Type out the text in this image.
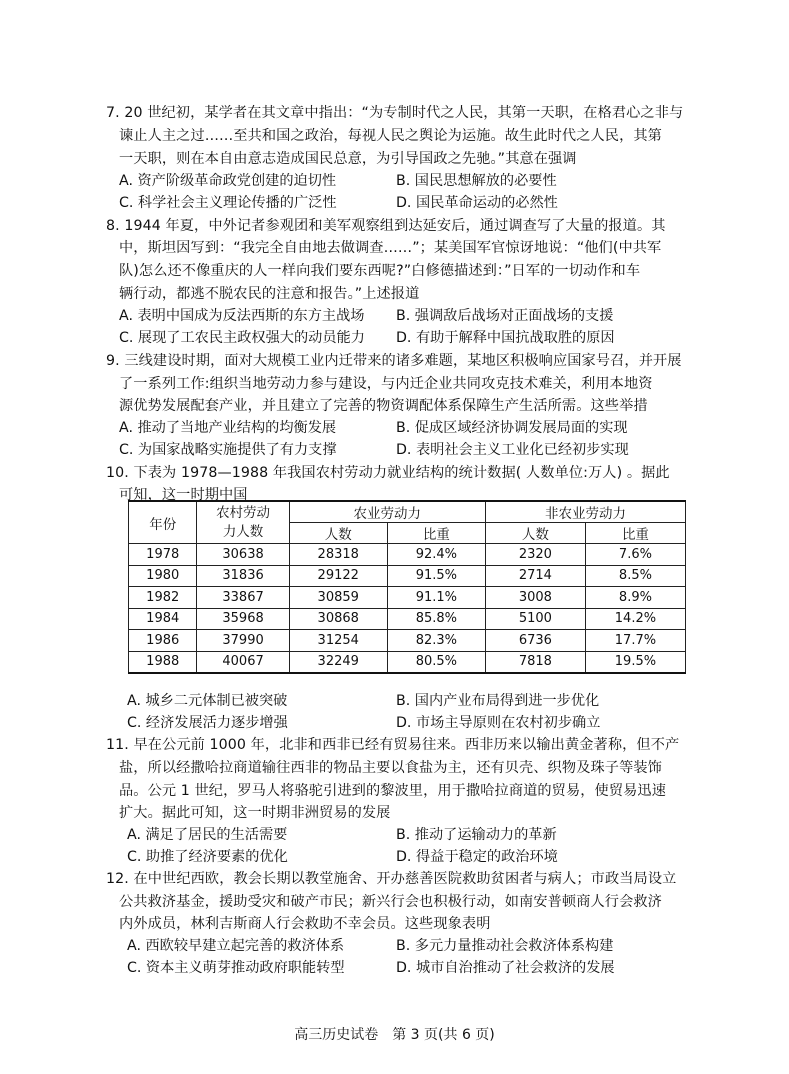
7. 20 世纪初，某学者在其文章中指出：“为专制时代之人民，其第一天职，在格君心之非与
谏止人主之过……至共和国之政治，每视人民之舆论为运施。故生此时代之人民，其第
一天职，则在本自由意志造成国民总意，为引导国政之先驰。”其意在强调
A. 资产阶级革命政党创建的迫切性	B. 国民思想解放的必要性
C. 科学社会主义理论传播的广泛性	D. 国民革命运动的必然性
8. 1944 年夏，中外记者参观团和美军观察组到达延安后，通过调查写了大量的报道。其
中，斯坦因写到：“我完全自由地去做调查……”；某美国军官惊讶地说：“他们(中共军
队)怎么还不像重庆的人一样向我们要东西呢?”白修德描述到：”日军的一切动作和车
辆行动，都逃不脱农民的注意和报告。”上述报道
A. 表明中国成为反法西斯的东方主战场 B. 强调敌后战场对正面战场的支援
C. 展现了工农民主政权强大的动员能力 D. 有助于解释中国抗战取胜的原因
9. 三线建设时期，面对大规模工业内迁带来的诸多难题，某地区积极响应国家号召，并开展
了一系列工作:组织当地劳动力参与建设，与内迁企业共同攻克技术难关，利用本地资
源优势发展配套产业，并且建立了完善的物资调配体系保障生产生活所需。这些举措
A. 推动了当地产业结构的均衡发展	B. 促成区域经济协调发展局面的实现
C. 为国家战略实施提供了有力支撑	D. 表明社会主义工业化已经初步实现
10. 下表为 1978—1988 年我国农村劳动力就业结构的统计数据( 人数单位:万人) 。据此
可知，这一时期中国
年份	农村劳动
力人数	农业劳动力		非农业劳动力	
		人数	比重	人数	比重
1978	30638	28318	92.4%	2320	7.6%
1980	31836	29122	91.5%	2714	8.5%
1982	33867	30859	91.1%	3008	8.9%
1984	35968	30868	85.8%	5100	14.2%
1986	37990	31254	82.3%	6736	17.7%
1988	40067	32249	80.5%	7818	19.5%
A. 城乡二元体制已被突破	B. 国内产业布局得到进一步优化
C. 经济发展活力逐步增强	D. 市场主导原则在农村初步确立
11. 早在公元前 1000 年，北非和西非已经有贸易往来。西非历来以输出黄金著称，但不产
盐，所以经撒哈拉商道输往西非的物品主要以食盐为主，还有贝壳、织物及珠子等装饰
品。公元 1 世纪，罗马人将骆驼引进到的黎波里，用于撒哈拉商道的贸易，使贸易迅速
扩大。据此可知，这一时期非洲贸易的发展
A. 满足了居民的生活需要	B. 推动了运输动力的革新
C. 助推了经济要素的优化	D. 得益于稳定的政治环境
12. 在中世纪西欧，教会长期以教堂施舍、开办慈善医院救助贫困者与病人；市政当局设立
公共救济基金，援助受灾和破产市民；新兴行会也积极行动，如南安普顿商人行会救济
内外成员，林利吉斯商人行会救助不幸会员。这些现象表明
A. 西欧较早建立起完善的救济体系	B. 多元力量推动社会救济体系构建
C. 资本主义萌芽推动政府职能转型	D. 城市自治推动了社会救济的发展
高三历史试卷　第 3 页(共 6 页)
